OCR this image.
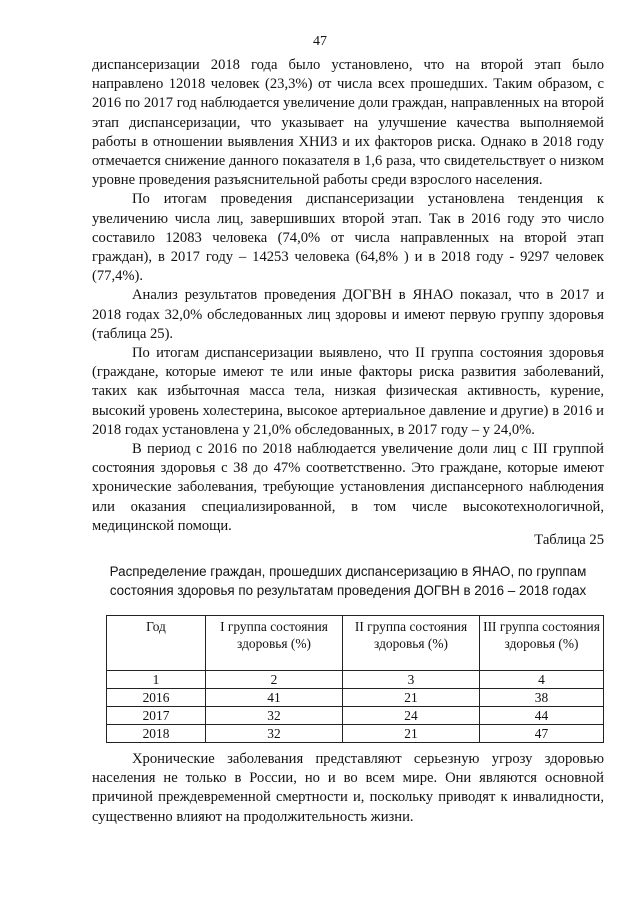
47

диспансеризации 2018 года было установлено, что на второй этап было направлено 12018 человек (23,3%) от числа всех прошедших. Таким образом, с 2016 по 2017 год наблюдается увеличение доли граждан, направленных на второй этап диспансеризации, что указывает на улучшение качества выполняемой работы в отношении выявления ХНИЗ и их факторов риска. Однако в 2018 году отмечается снижение данного показателя в 1,6 раза, что свидетельствует о низком уровне проведения разъяснительной работы среди взрослого населения.

По итогам проведения диспансеризации установлена тенденция к увеличению числа лиц, завершивших второй этап. Так в 2016 году это число составило 12083 человека (74,0% от числа направленных на второй этап граждан), в 2017 году – 14253 человека (64,8% ) и в 2018 году - 9297 человек (77,4%).

Анализ результатов проведения ДОГВН в ЯНАО показал, что в 2017 и 2018 годах 32,0% обследованных лиц здоровы и имеют первую группу здоровья (таблица 25).

По итогам диспансеризации выявлено, что II группа состояния здоровья (граждане, которые имеют те или иные факторы риска развития заболеваний, таких как избыточная масса тела, низкая физическая активность, курение, высокий уровень холестерина, высокое артериальное давление и другие) в 2016 и 2018 годах установлена у 21,0% обследованных, в 2017 году – у 24,0%.

В период с 2016 по 2018 наблюдается увеличение доли лиц с III группой состояния здоровья с 38 до 47% соответственно. Это граждане, которые имеют хронические заболевания, требующие установления диспансерного наблюдения или оказания специализированной, в том числе высокотехнологичной, медицинской помощи.

Таблица 25
Распределение граждан, прошедших диспансеризацию в ЯНАО, по группам состояния здоровья по результатам проведения ДОГВН в 2016 – 2018 годах
Год	I группа состояния здоровья (%)	II группа состояния здоровья (%)	III группа состояния здоровья (%)
1	2	3	4
2016	41	21	38
2017	32	24	44
2018	32	21	47

Хронические заболевания представляют серьезную угрозу здоровью населения не только в России, но и во всем мире. Они являются основной причиной преждевременной смертности и, поскольку приводят к инвалидности, существенно влияют на продолжительность жизни.
